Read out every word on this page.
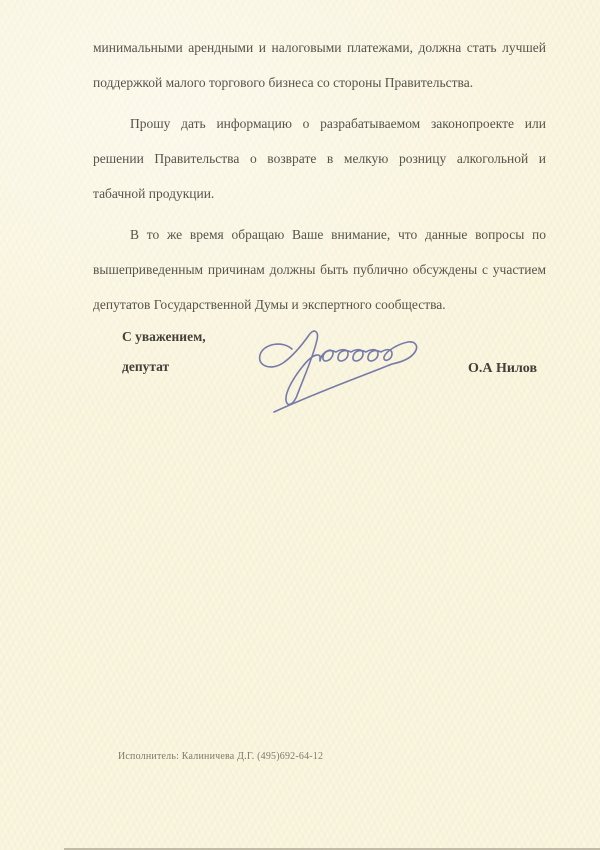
минимальными арендными и налоговыми платежами, должна стать лучшей
поддержкой малого торгового бизнеса со стороны Правительства.
Прошу дать информацию о разрабатываемом законопроекте или
решении Правительства о возврате в мелкую розницу алкогольной и
табачной продукции.
В то же время обращаю Ваше внимание, что данные вопросы по
вышеприведенным причинам должны быть публично обсуждены с участием
депутатов Государственной Думы и экспертного сообщества.
С уважением,
депутат	О.А Нилов
Исполнитель: Калиничева Д.Г. (495)692-64-12
